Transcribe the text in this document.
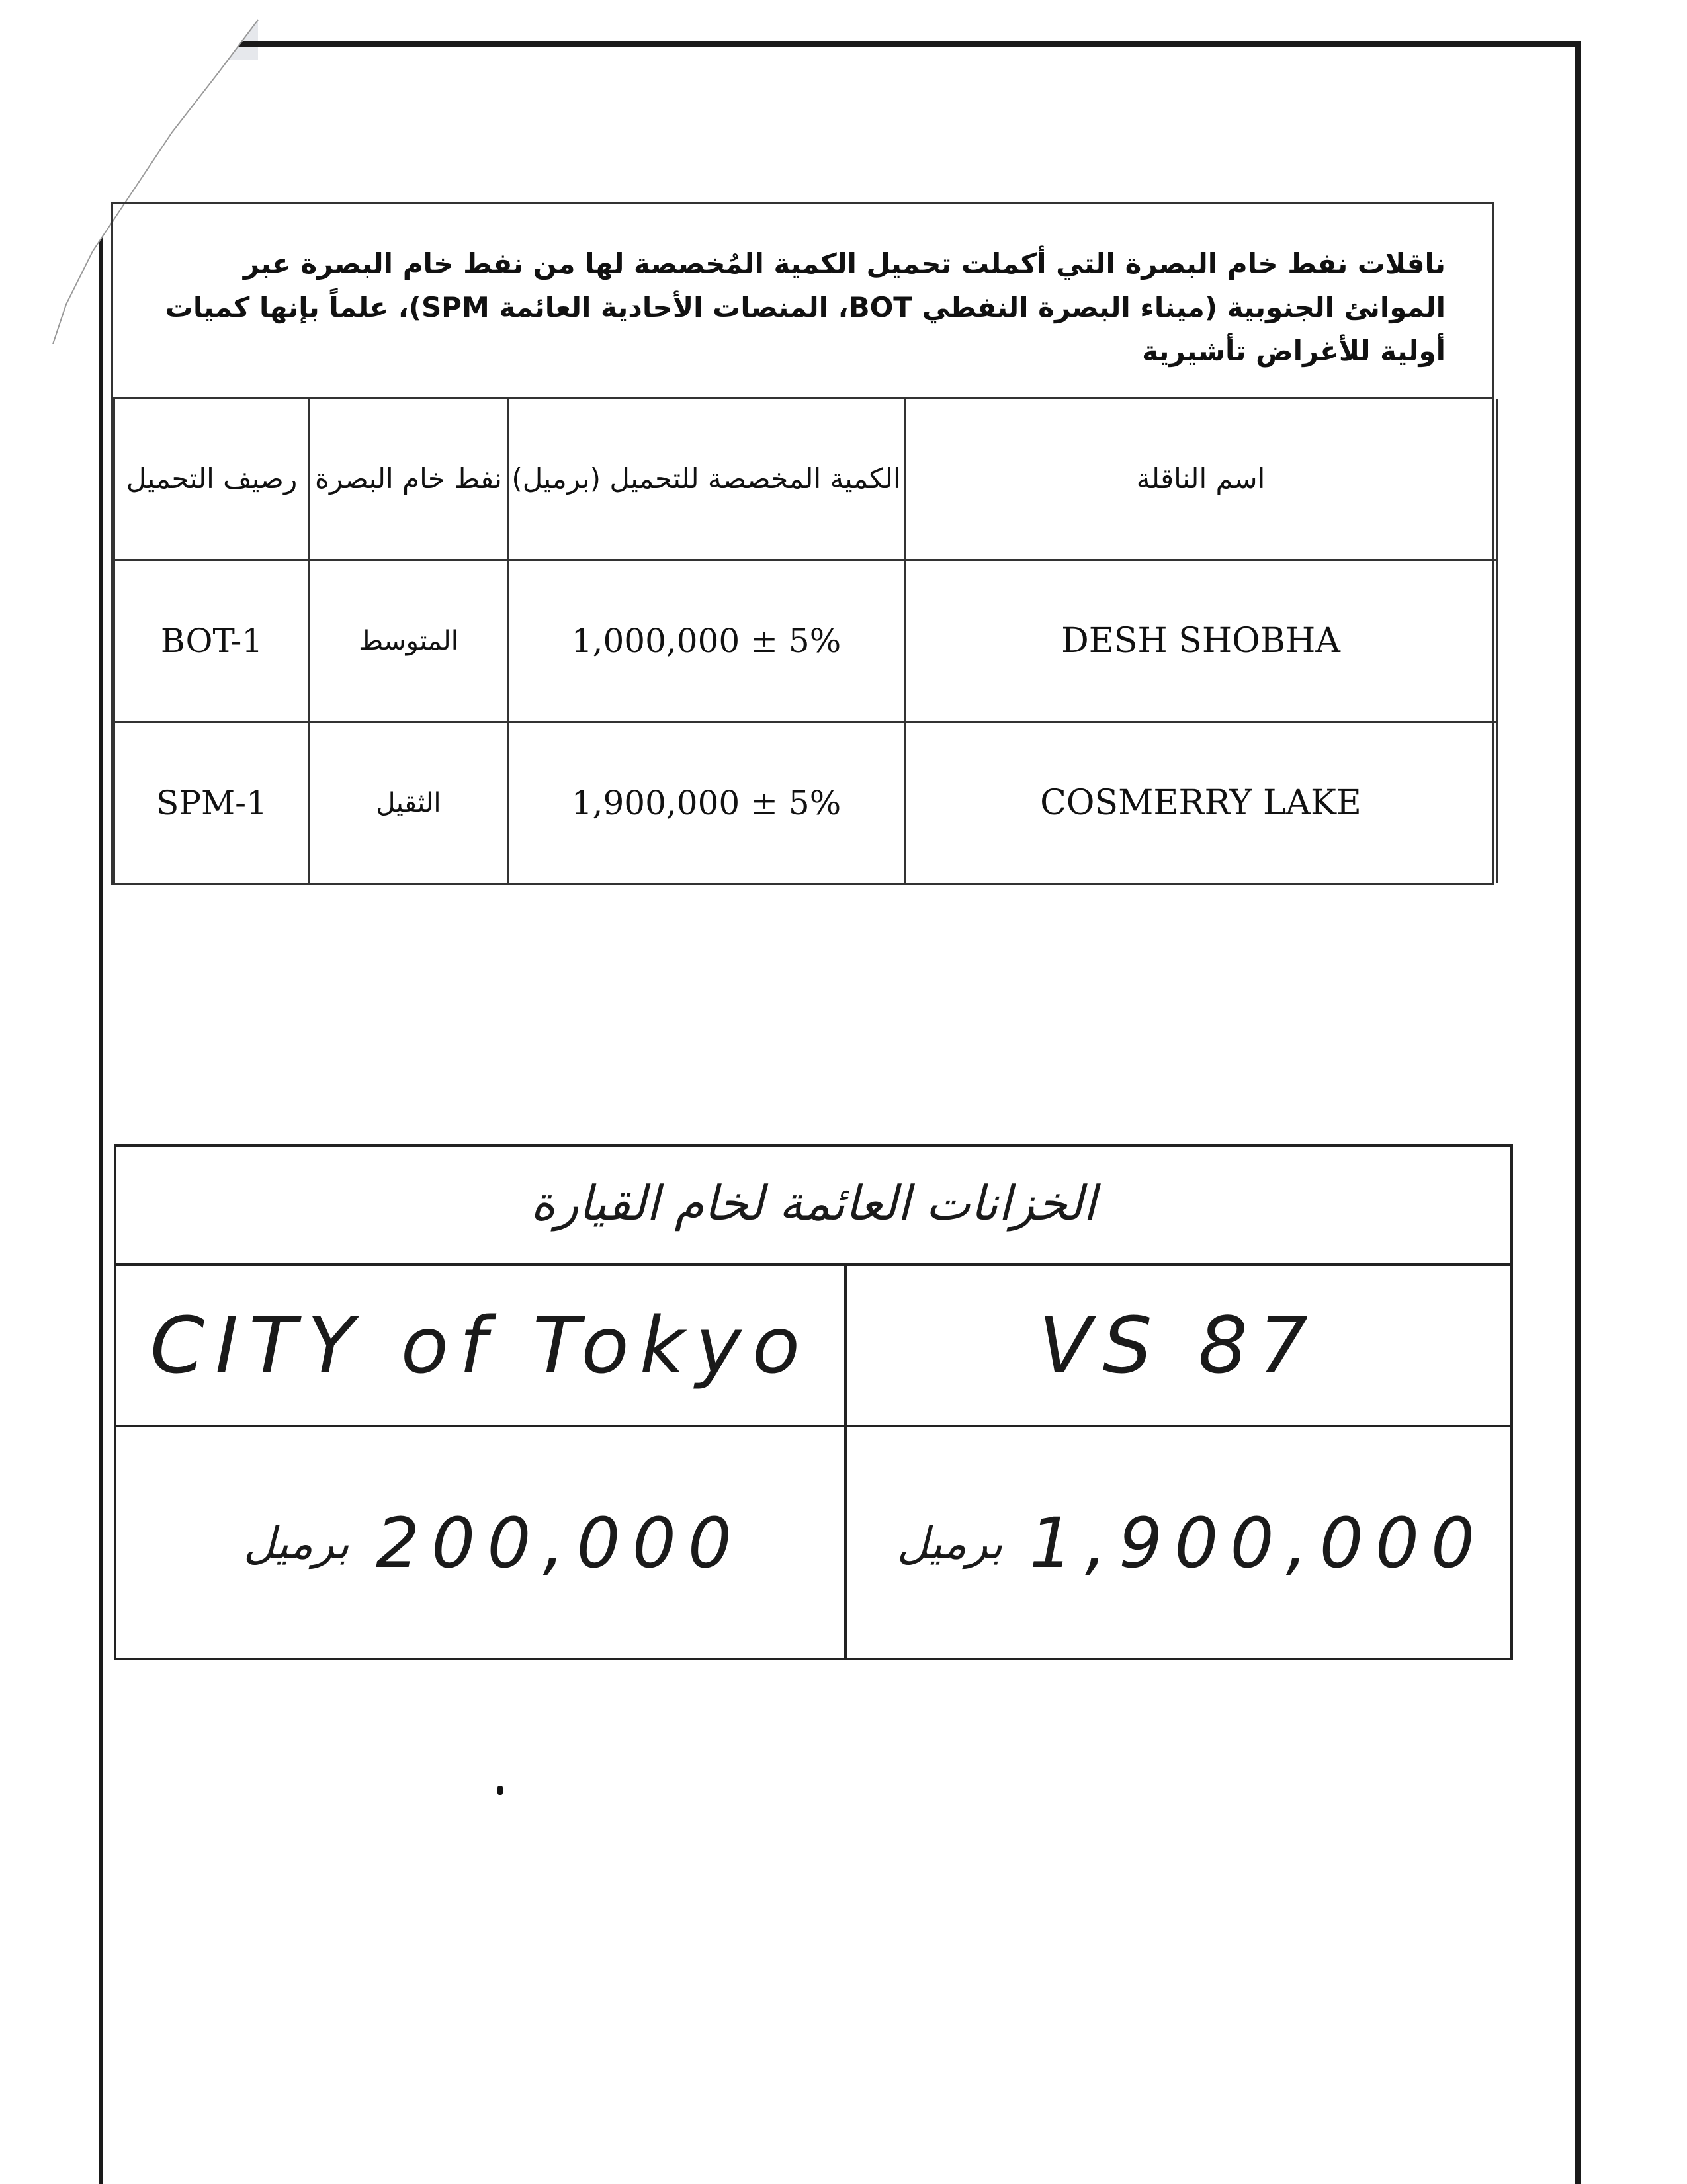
ناقلات نفط خام البصرة التي أكملت تحميل الكمية المُخصصة لها من نفط خام البصرة عبر الموانئ الجنوبية (ميناء البصرة النفطي BOT، المنصات الأحادية العائمة SPM)، علماً بإنها كميات أولية للأغراض تأشيرية
رصيف التحميل	نفط خام البصرة	الكمية المخصصة للتحميل (برميل)	اسم الناقلة
BOT-1	المتوسط	1,000,000 ± 5%	DESH SHOBHA
SPM-1	الثقيل	1,900,000 ± 5%	COSMERRY LAKE
الخزانات العائمة لخام القيارة
CITY of Tokyo	VS 87
برميل 200,000	برميل 1,900,000
